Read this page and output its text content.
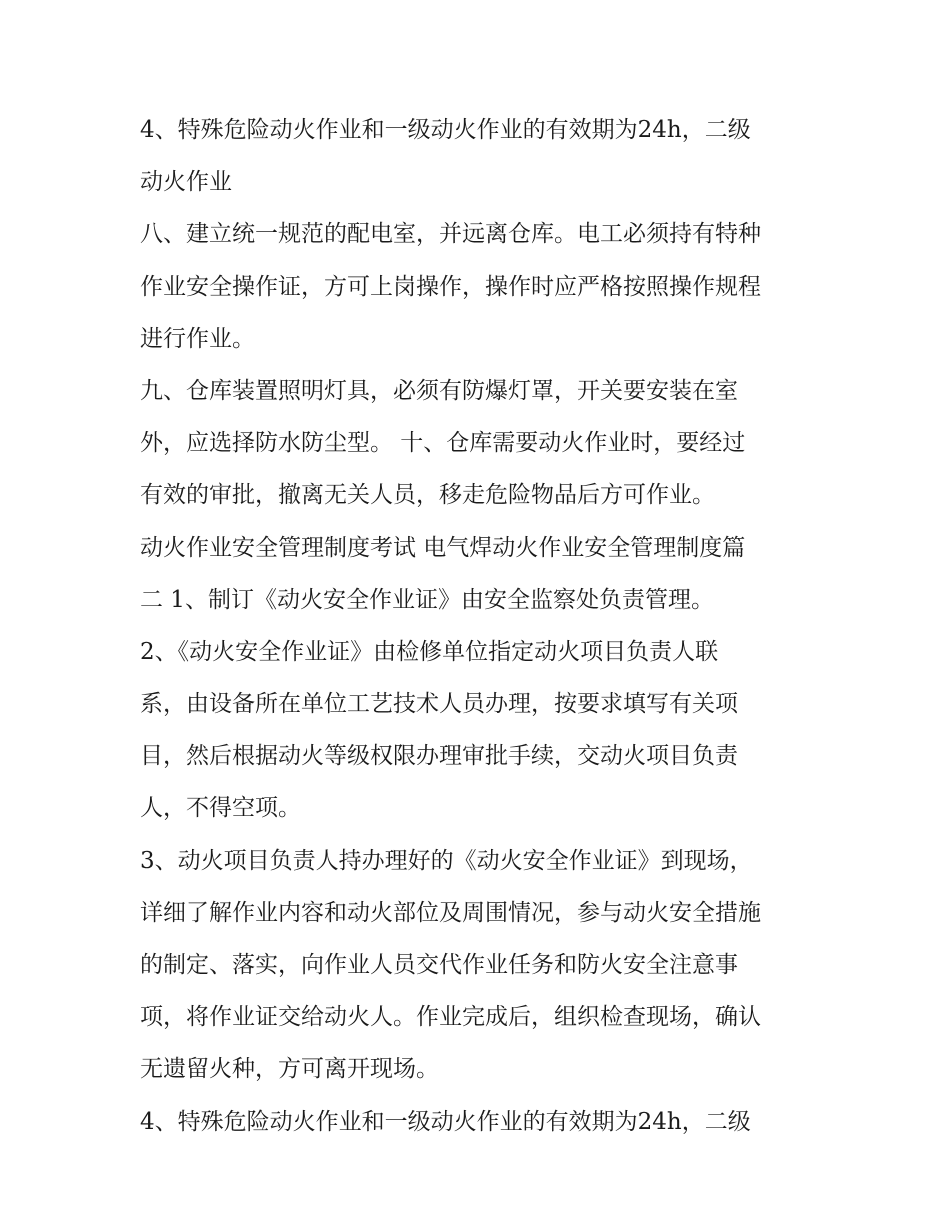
4、特殊危险动火作业和一级动火作业的有效期为24h，二级
动火作业
八、建立统一规范的配电室，并远离仓库。电工必须持有特种
作业安全操作证，方可上岗操作，操作时应严格按照操作规程
进行作业。
九、仓库装置照明灯具，必须有防爆灯罩，开关要安装在室
外，应选择防水防尘型。 十、仓库需要动火作业时，要经过
有效的审批，撤离无关人员，移走危险物品后方可作业。
动火作业安全管理制度考试 电气焊动火作业安全管理制度篇
二 1、制订《动火安全作业证》由安全监察处负责管理。
2、《动火安全作业证》由检修单位指定动火项目负责人联
系，由设备所在单位工艺技术人员办理，按要求填写有关项
目，然后根据动火等级权限办理审批手续，交动火项目负责
人，不得空项。
3、动火项目负责人持办理好的《动火安全作业证》到现场，
详细了解作业内容和动火部位及周围情况，参与动火安全措施
的制定、落实，向作业人员交代作业任务和防火安全注意事
项，将作业证交给动火人。作业完成后，组织检查现场，确认
无遗留火种，方可离开现场。
4、特殊危险动火作业和一级动火作业的有效期为24h，二级
